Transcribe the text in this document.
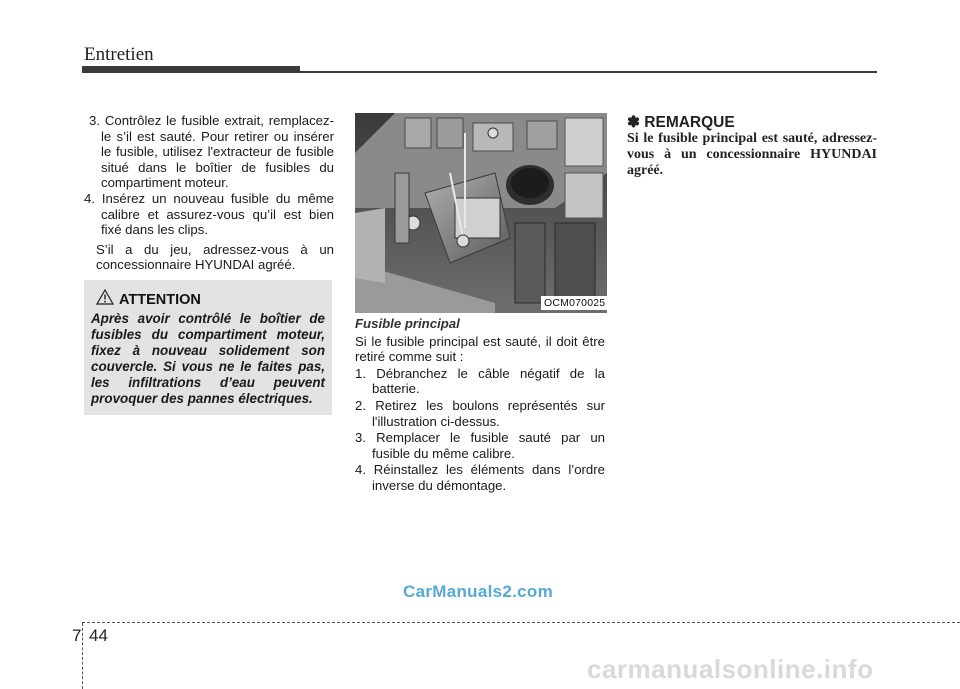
Entretien

3. Contrôlez le fusible extrait, remplacez-le s’il est sauté. Pour retirer ou insérer le fusible, utilisez l'extracteur de fusible situé dans le boîtier de fusibles du compartiment moteur.

4. Insérez un nouveau fusible du même calibre et assurez-vous qu’il est bien fixé dans les clips.

S’il a du jeu, adressez-vous à un concessionnaire HYUNDAI agréé.

ATTENTION
Après avoir contrôlé le boîtier de fusibles du compartiment moteur, fixez à nouveau solidement son couvercle. Si vous ne le faites pas, les infiltrations d’eau peuvent provoquer des pannes électriques.
OCM070025

Fusible principal

Si le fusible principal est sauté, il doit être retiré comme suit :

1. Débranchez le câble négatif de la batterie.

2. Retirez les boulons représentés sur l'illustration ci-dessus.

3. Remplacer le fusible sauté par un fusible du même calibre.

4. Réinstallez les éléments dans l’ordre inverse du démontage.

✽ REMARQUE
Si le fusible principal est sauté, adressez-vous à un concessionnaire HYUNDAI agréé.
7 44
CarManuals2.com
carmanualsonline.info
